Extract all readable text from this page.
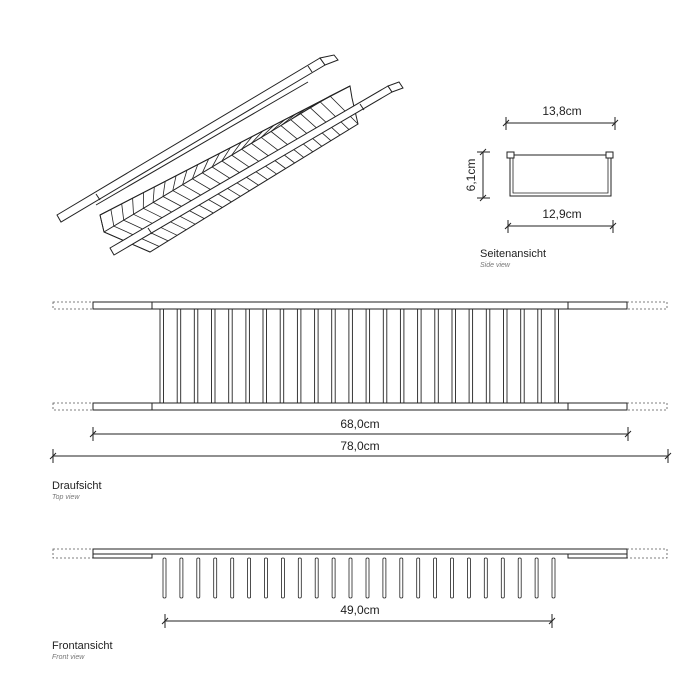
13,8cm
6,1cm
12,9cm
Seitenansicht
Side view
68,0cm
78,0cm
Draufsicht
Top view
49,0cm
Frontansicht
Front view
